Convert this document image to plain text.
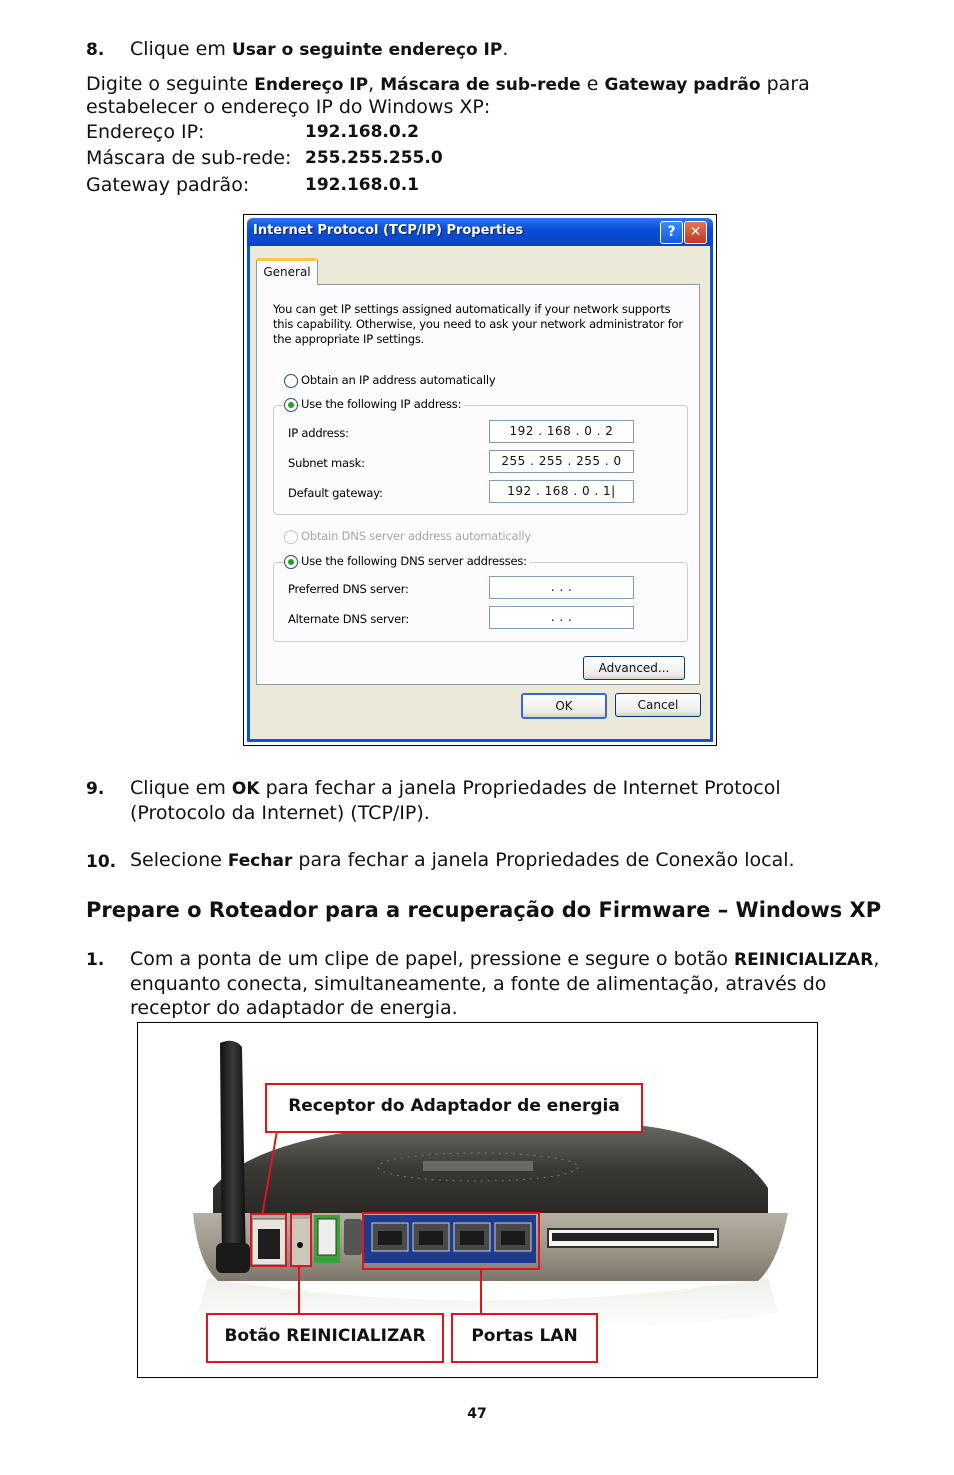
8. Clique em Usar o seguinte endereço IP.
Digite o seguinte Endereço IP, Máscara de sub-rede e Gateway padrão para
estabelecer o endereço IP do Windows XP:
Endereço IP:	192.168.0.2
Máscara de sub-rede: 255.255.255.0
Gateway padrão:	192.168.0.1
Internet Protocol (TCP/IP) Properties	?	✕
General
You can get IP settings assigned automatically if your network supports
this capability. Otherwise, you need to ask your network administrator for
the appropriate IP settings.
Obtain an IP address automatically
Use the following IP address:
IP address:	192 . 168 . 0 . 2
Subnet mask:	255 . 255 . 255 . 0
Default gateway:	192 . 168 . 0 . 1|
Obtain DNS server address automatically
Use the following DNS server addresses:
Preferred DNS server:	. . .
Alternate DNS server:	. . .
Advanced...
OK	Cancel
9. Clique em OK para fechar a janela Propriedades de Internet Protocol
(Protocolo da Internet) (TCP/IP).
10. Selecione Fechar para fechar a janela Propriedades de Conexão local.
Prepare o Roteador para a recuperação do Firmware – Windows XP
1. Com a ponta de um clipe de papel, pressione e segure o botão REINICIALIZAR,
enquanto conecta, simultaneamente, a fonte de alimentação, através do
receptor do adaptador de energia.
Receptor do Adaptador de energia
Botão REINICIALIZAR	Portas LAN
47
